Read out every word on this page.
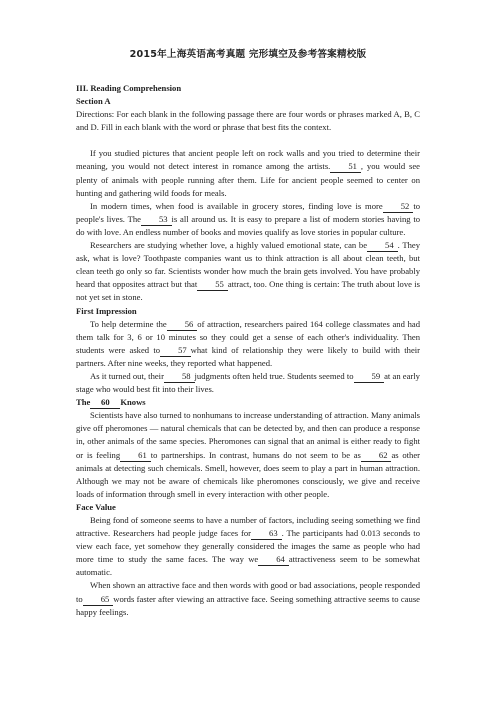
2015年上海英语高考真题 完形填空及参考答案精校版

III. Reading Comprehension

Section A

Directions: For each blank in the following passage there are four words or phrases marked A, B, C and D. Fill in each blank with the word or phrase that best fits the context.

If you studied pictures that ancient people left on rock walls and you tried to determine their meaning, you would not detect interest in romance among the artists. 51 , you would see plenty of animals with people running after them. Life for ancient people seemed to center on hunting and gathering wild foods for meals.

In modern times, when food is available in grocery stores, finding love is more 52 to people's lives. The 53 is all around us. It is easy to prepare a list of modern stories having to do with love. An endless number of books and movies qualify as love stories in popular culture.

Researchers are studying whether love, a highly valued emotional state, can be 54 . They ask, what is love? Toothpaste companies want us to think attraction is all about clean teeth, but clean teeth go only so far. Scientists wonder how much the brain gets involved. You have probably heard that opposites attract but that 55 attract, too. One thing is certain: The truth about love is not yet set in stone.

First Impression

To help determine the 56 of attraction, researchers paired 164 college classmates and had them talk for 3, 6 or 10 minutes so they could get a sense of each other's individuality. Then students were asked to 57 what kind of relationship they were likely to build with their partners. After nine weeks, they reported what happened.

As it turned out, their 58 judgments often held true. Students seemed to 59 at an early stage who would best fit into their lives.

The 60 Knows

Scientists have also turned to nonhumans to increase understanding of attraction. Many animals give off pheromones — natural chemicals that can be detected by, and then can produce a response in, other animals of the same species. Pheromones can signal that an animal is either ready to fight or is feeling 61 to partnerships. In contrast, humans do not seem to be as 62 as other animals at detecting such chemicals. Smell, however, does seem to play a part in human attraction. Although we may not be aware of chemicals like pheromones consciously, we give and receive loads of information through smell in every interaction with other people.

Face Value

Being fond of someone seems to have a number of factors, including seeing something we find attractive. Researchers had people judge faces for 63 . The participants had 0.013 seconds to view each face, yet somehow they generally considered the images the same as people who had more time to study the same faces. The way we 64 attractiveness seem to be somewhat automatic.

When shown an attractive face and then words with good or bad associations, people responded to 65 words faster after viewing an attractive face. Seeing something attractive seems to cause happy feelings.
